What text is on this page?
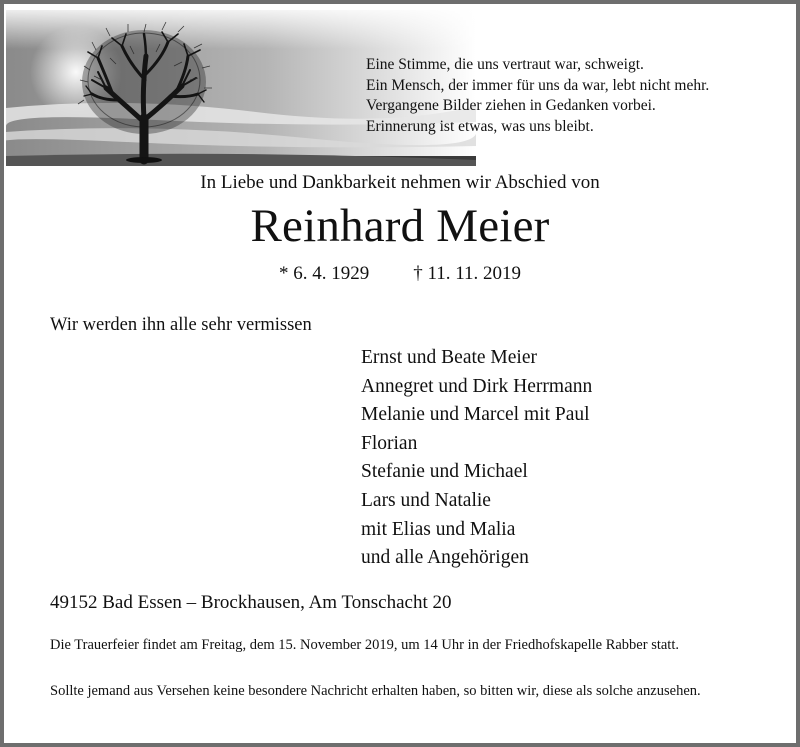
Eine Stimme, die uns vertraut war, schweigt.
Ein Mensch, der immer für uns da war, lebt nicht mehr.
Vergangene Bilder ziehen in Gedanken vorbei.
Erinnerung ist etwas, was uns bleibt.
In Liebe und Dankbarkeit nehmen wir Abschied von
Reinhard Meier
* 6. 4. 1929 † 11. 11. 2019
Wir werden ihn alle sehr vermissen
Ernst und Beate Meier
Annegret und Dirk Herrmann
Melanie und Marcel mit Paul
Florian
Stefanie und Michael
Lars und Natalie
mit Elias und Malia
und alle Angehörigen
49152 Bad Essen – Brockhausen, Am Tonschacht 20
Die Trauerfeier findet am Freitag, dem 15. November 2019, um 14 Uhr in der Friedhofskapelle Rabber statt.
Sollte jemand aus Versehen keine besondere Nachricht erhalten haben, so bitten wir, diese als solche anzusehen.
